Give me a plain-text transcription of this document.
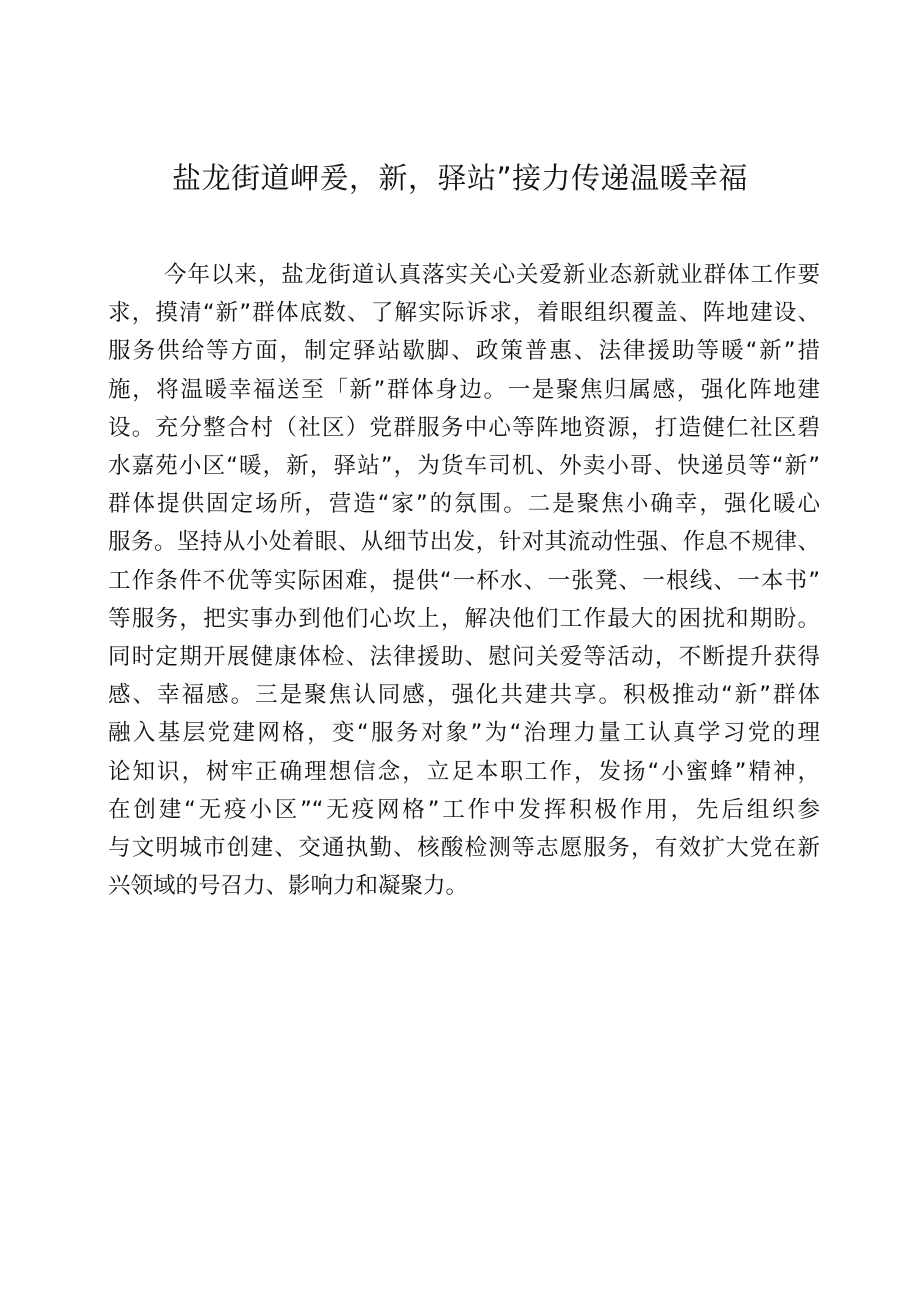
盐龙街道岬爰，新，驿站”接力传递温暖幸福
今年以来，盐龙街道认真落实关心关爱新业态新就业群体工作要
求，摸清“新”群体底数、了解实际诉求，着眼组织覆盖、阵地建设、
服务供给等方面，制定驿站歇脚、政策普惠、法律援助等暖“新”措
施，将温暖幸福送至「新”群体身边。一是聚焦归属感，强化阵地建
设。充分整合村（社区）党群服务中心等阵地资源，打造健仁社区碧
水嘉苑小区“暖，新，驿站”，为货车司机、外卖小哥、快递员等“新”
群体提供固定场所，营造“家”的氛围。二是聚焦小确幸，强化暖心
服务。坚持从小处着眼、从细节出发，针对其流动性强、作息不规律、
工作条件不优等实际困难，提供“一杯水、一张凳、一根线、一本书”
等服务，把实事办到他们心坎上，解决他们工作最大的困扰和期盼。
同时定期开展健康体检、法律援助、慰问关爱等活动，不断提升获得
感、幸福感。三是聚焦认同感，强化共建共享。积极推动“新”群体
融入基层党建网格，变“服务对象”为“治理力量工认真学习党的理
论知识，树牢正确理想信念，立足本职工作，发扬“小蜜蜂”精神，
在创建“无疫小区”“无疫网格”工作中发挥积极作用，先后组织参
与文明城市创建、交通执勤、核酸检测等志愿服务，有效扩大党在新
兴领域的号召力、影响力和凝聚力。
